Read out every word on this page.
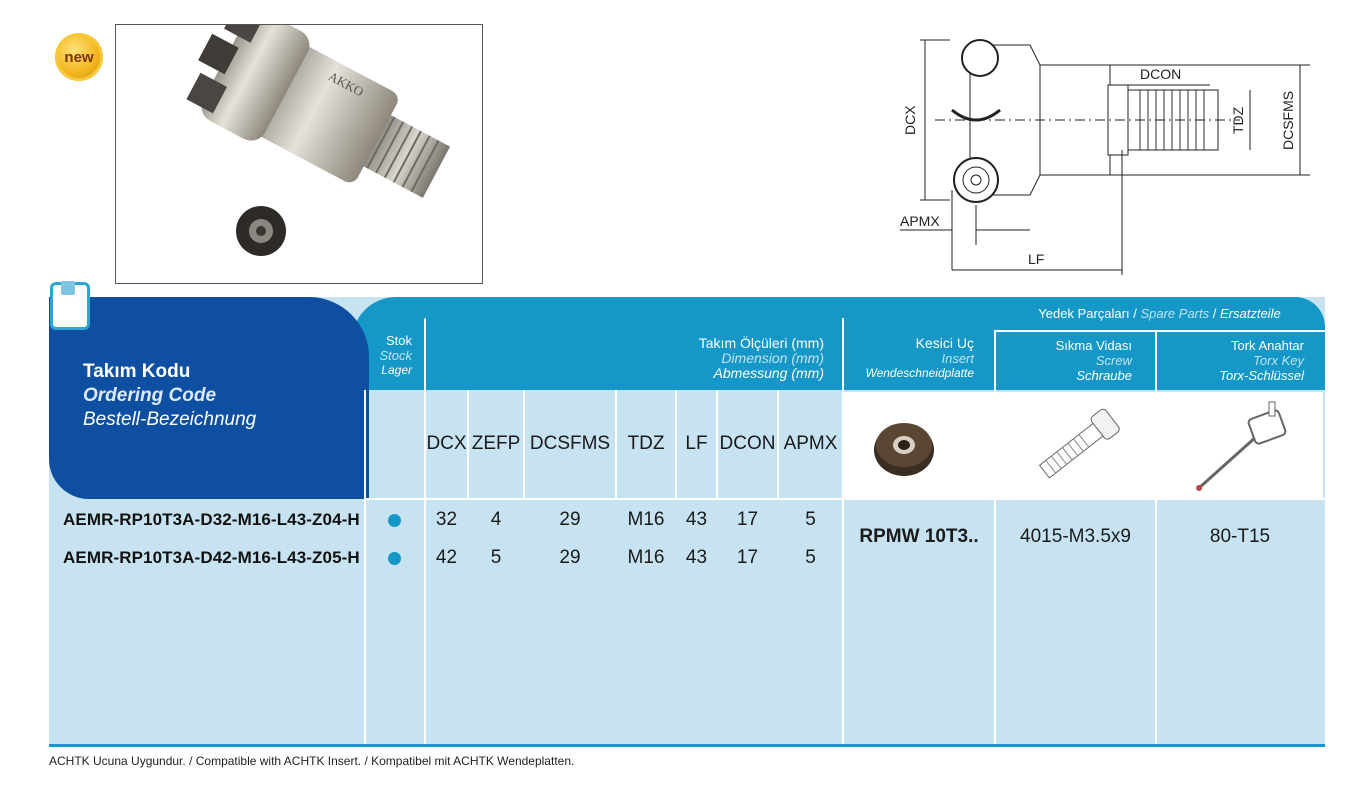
new
AKKO
DCX
DCON
TDZ DCSFMS
APMX
LF
Stok
Stock
Lager
Takım Ölçüleri (mm)
Dimension (mm)
Abmessung (mm)
Kesici Uç
Insert
Wendeschneidplatte
Yedek Parçaları / Spare Parts / Ersatzteile
Sıkma Vidası
Screw
Schraube
Tork Anahtar
Torx Key
Torx-Schlüssel
Takım Kodu
Ordering Code
Bestell-Bezeichnung
DCX ZEFP DCSFMS TDZ	LF DCON APMX
AEMR-RP10T3A-D32-M16-L43-Z04-H	32	4	29	M16	43	17	5
AEMR-RP10T3A-D42-M16-L43-Z05-H	42	5	29	M16	43	17	5
RPMW 10T3..	4015-M3.5x9	80-T15
ACHTK Ucuna Uygundur. / Compatible with ACHTK Insert. / Kompatibel mit ACHTK Wendeplatten.
